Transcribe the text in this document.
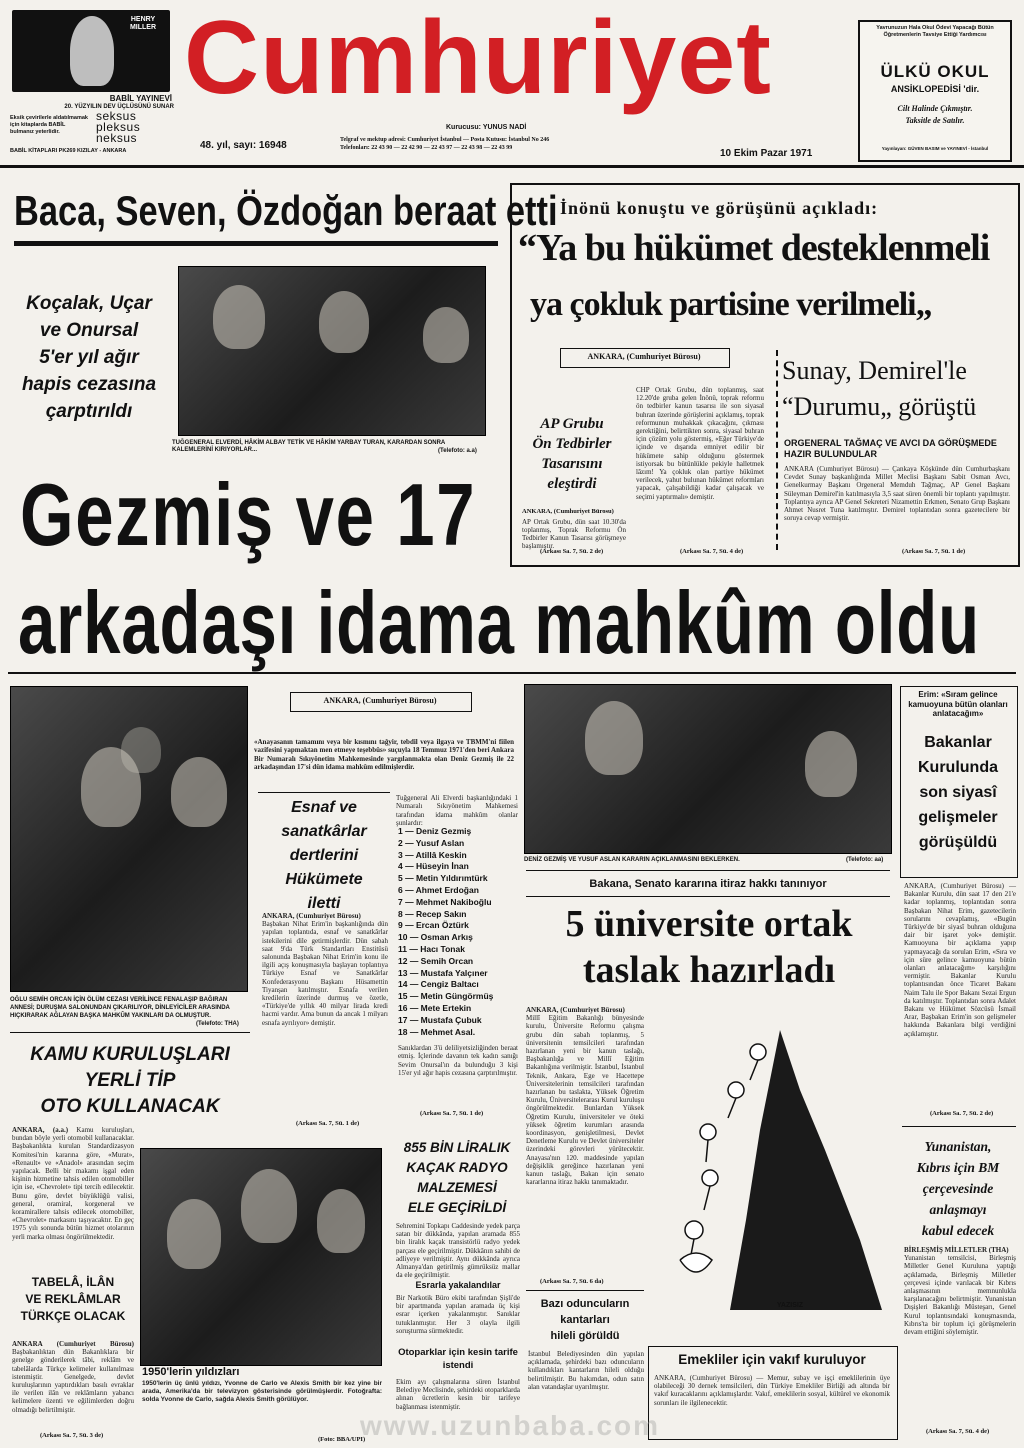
HENRY MILLER
BABİL YAYINEVİ
20. YÜZYILIN DEV ÜÇLÜSÜNÜ SUNAR
Eksik çevirilerle aldatılmamak
için kitaplarda BABİL
bulmanız yeterlidir.
seksus
pleksus
neksus
BABİL KİTAPLARI PK269 KIZILAY - ANKARA
Cumhuriyet
Kurucusu: YUNUS NADİ
48. yıl, sayı: 16948	Telgraf ve mektup adresi: Cumhuriyet İstanbul — Posta Kutusu: İstanbul No 246
Telefonları: 22 43 90 — 22 42 90 — 22 43 97 — 22 43 98 — 22 43 99	10 Ekim Pazar 1971
Yavrunuzun Hala Okul Ödevi Yapacağı Bütün Öğretmenlerin Tavsiye Ettiği Yardımcısı
ÜLKÜ OKUL
ANSİKLOPEDİSİ 'dir.
Cilt Halinde Çıkmıştır.
Taksitle de Satılır.
Yayınlayan: GÜVEN BASIM ve YAYINEVİ - İstanbul
Baca, Seven, Özdoğan beraat etti
Koçalak, Uçar
ve Onursal
5'er yıl ağır
hapis cezasına
çarptırıldı
TUĞGENERAL ELVERDİ, HÂKİM ALBAY TETİK VE HÂKİM YARBAY TURAN, KARARDAN SONRA KALEMLERİNİ KIRIYORLAR...	(Telefoto: a.a)
İnönü konuştu ve görüşünü açıkladı:
“Ya bu hükümet desteklenmeli
ya çokluk partisine verilmeli„
ANKARA, (Cumhuriyet Bürosu)
AP Grubu
Ön Tedbirler
Tasarısını
eleştirdi
ANKARA, (Cumhuriyet Bürosu)
AP Ortak Grubu, dün saat 10.30'da toplanmış, Toprak Reformu Ön Tedbirler Kanun Tasarısı görüşmeye başlamıştır.
(Arkası Sa. 7, Sü. 2 de)
CHP Ortak Grubu, dün toplanmış, saat 12.20'de gruba gelen İnönü, toprak reformu ön tedbirler kanun tasarısı ile son siyasal buhran üzerinde görüşlerini açıklamış, toprak reformunun muhakkak çıkacağını, çıkması gerektiğini, belirttikten sonra, siyasal buhran için çözüm yolu göstermiş, «Eğer Türkiye'de içinde ve dışarıda emniyet edilir bir hükümete sahip olduğunu göstermek istiyorsak bu bütünlükle pekiyle halletmek lâzım! Ya çokluk olan partiye hükümet verilecek, yahut bulunan hükümet reformları yapacak, çalışabildiği kadar çalışacak ve seçimi yaptırmalı» demiştir.
(Arkası Sa. 7, Sü. 4 de)
Sunay, Demirel'le
“Durumu„ görüştü
ORGENERAL TAĞMAÇ VE AVCI DA GÖRÜŞMEDE HAZIR BULUNDULAR
ANKARA (Cumhuriyet Bürosu) — Çankaya Köşkünde dün Cumhurbaşkanı Cevdet Sunay başkanlığında Millet Meclisi Başkanı Sabit Osman Avcı, Genelkurmay Başkanı Orgeneral Memduh Tağmaç, AP Genel Başkanı Süleyman Demirel'in katılmasıyla 3,5 saat süren önemli bir toplantı yapılmıştır. Toplantıya ayrıca AP Genel Sekreteri Nizamettin Erkmen, Senato Grup Başkanı Ahmet Nusret Tuna katılmıştır. Demirel toplantıdan sonra gazetecilere bir soruya cevap vermiştir.
(Arkası Sa. 7, Sü. 1 de)
Gezmiş ve 17
arkadaşı idama mahkûm oldu
OĞLU SEMİH ORCAN İÇİN ÖLÜM CEZASI VERİLİNCE FENALAŞIP BAĞIRAN ANNESİ; DURUŞMA SALONUNDAN ÇIKARILIYOR, DİNLEYİCİLER ARASINDA HIÇKIRARAK AĞLAYAN BAŞKA MAHKÛM YAKINLARI DA OLMUŞTUR.
(Telefoto: THA)
KAMU KURULUŞLARI
YERLİ TİP
OTO KULLANACAK
ANKARA, (a.a.) Kamu kuruluşları, bundan böyle yerli otomobil kullanacaklar. Başbakanlıkta kurulan Standardizasyon Komitesi'nin kararına göre, «Murat», «Renault» ve «Anadol» arasından seçim yapılacak. Belli bir makamı işgal eden kişinin hizmetine tahsis edilen otomobiller için ise, «Chevrolet» tipi tercih edilecektir. Bunu göre, devlet büyüklüğü valisi, general, oramiral, korgeneral ve koramirallere tahsis edilecek otomobiller, «Chevrolet» markasını taşıyacaktır. En geç 1975 yılı sonunda bütün hizmet otolarının yerli marka olması öngörülmektedir.
TABELÂ, İLÂN
VE REKLÂMLAR
TÜRKÇE OLACAK
ANKARA (Cumhuriyet Bürosu) Başbakanlıktan dün Bakanlıklara bir genelge gönderilerek tâbi, reklâm ve tabelâlarda Türkçe kelimeler kullanılması istenmiştir. Genelgede, devlet kuruluşlarının yaptırdıkları basılı evraklar ile verilen ilân ve reklâmların yabancı kelimelere özenti ve eğilimlerden doğru olmadığı belirtilmiştir.
(Arkası Sa. 7, Sü. 3 de)
1950'lerin yıldızları
1950'lerin üç ünlü yıldızı, Yvonne de Carlo ve Alexis Smith bir kez yine bir arada, Amerika'da bir televizyon gösterisinde görülmüşlerdir. Fotoğrafta: solda Yvonne de Carlo, sağda Alexis Smith görülüyor.
(Foto: BBA/UPI)
ANKARA, (Cumhuriyet Bürosu)
«Anayasanın tamamını veya bir kısmını tağyir, tebdil veya ilgaya ve TBMM'ni fiilen vazifesini yapmaktan men etmeye teşebbüs» suçuyla 18 Temmuz 1971'den beri Ankara Bir Numaralı Sıkıyönetim Mahkemesinde yargılanmakta olan Deniz Gezmiş ile 22 arkadaşından 17'si dün idama mahkûm edilmişlerdir.
Esnaf ve
sanatkârlar
dertlerini
Hükümete
iletti
ANKARA, (Cumhuriyet Bürosu)
Başbakan Nihat Erim'in başkanlığında dün yapılan toplantıda, esnaf ve sanatkârlar istekilerini dile getirmişlerdir. Dün sabah saat 9'da Türk Standartları Enstitüsü salonunda Başbakan Nihat Erim'in konu ile ilgili açış konuşmasıyla başlayan toplantıya Türkiye Esnaf ve Sanatkârlar Konfederasyonu Başkanı Hüsamettin Tiyanşan katılmıştır. Esnafa verilen kredilerin üzerinde durmuş ve özetle, «Türkiye'de yıllık 40 milyar lirada kredi hacmi vardır. Ama bunun da ancak 1 milyarı esnafa ayrılıyor» demiştir.
(Arkası Sa. 7, Sü. 1 de)
Tuğgeneral Ali Elverdi başkanlığındaki 1 Numaralı Sıkıyönetim Mahkemesi tarafından idama mahkûm olanlar şunlardır:
1 — Deniz Gezmiş
2 — Yusuf Aslan
3 — Atillâ Keskin
4 — Hüseyin İnan
5 — Metin Yıldırımtürk
6 — Ahmet Erdoğan
7 — Mehmet Nakiboğlu
8 — Recep Sakın
9 — Ercan Öztürk
10 — Osman Arkış
11 — Hacı Tonak
12 — Semih Orcan
13 — Mustafa Yalçıner
14 — Cengiz Baltacı
15 — Metin Güngörmüş
16 — Mete Ertekin
17 — Mustafa Çubuk
18 — Mehmet Asal.
Sanıklardan 3'ü deliliyetsizliğinden beraat etmiş. İçlerinde davanın tek kadın sanığı Sevim Onursal'ın da bulunduğu 3 kişi 15'er yıl ağır hapis cezasına çarptırılmıştır.
(Arkası Sa. 7, Sü. 1 de)
855 BİN LİRALIK
KAÇAK RADYO
MALZEMESİ
ELE GEÇİRİLDİ
Sehremini Topkapı Caddesinde yedek parça satan bir dükkânda, yapılan aramada 855 bin liralık kaçak transistörlü radyo yedek parçası ele geçirilmiştir. Dükkânın sahibi de adliyeye verilmiştir. Aynı dükkânda ayrıca Almanya'dan getirilmiş gümrüksüz mallar da ele geçirilmiştir.
Esrarla yakalandılar
Bir Narkotik Büro ekibi tarafından Şişli'de bir apartmanda yapılan aramada üç kişi esrar içerken yakalanmıştır. Sanıklar tutuklanmıştır. Her 3 olayla ilgili soruşturma sürmektedir.
Otoparklar için kesin tarife istendi
Ekim ayı çalışmalarına süren İstanbul Belediye Meclisinde, şehirdeki otoparklarda alınan ücretlerin kesin bir tarifeye bağlanması istenmiştir.
DENİZ GEZMİŞ VE YUSUF ASLAN KARARIN AÇIKLANMASINI BEKLERKEN.	(Telefoto: aa)
Bakana, Senato kararına itiraz hakkı tanınıyor
5 üniversite ortak
taslak hazırladı
ANKARA, (Cumhuriyet Bürosu)
Millî Eğitim Bakanlığı bünyesinde kurulu, Üniversite Reformu çalışma grubu dün sabah toplanmış, 5 üniversitenin temsilcileri tarafından hazırlanan yeni bir kanun taslağı, Başbakanlığa ve Millî Eğitim Bakanlığına verilmiştir. İstanbul, İstanbul Teknik, Ankara, Ege ve Hacettepe Üniversitelerinin temsilcileri tarafından hazırlanan bu taslakta, Yüksek Öğretim Kurulu, Üniversitelerarası Kurul kuruluşu öngörülmektedir. Bunlardan Yüksek Öğretim Kurulu, üniversiteler ve öteki yüksek öğretim kurumları arasında koordinasyon, genişletilmesi, Devlet Denetleme Kurulu ve Devlet üniversiteler üzerindeki görevleri yürütecektir. Anayasa'nın 120. maddesinde yapılan değişiklik gereğince hazırlanan yeni kanun taslağı, Bakan için senato kararlarına itiraz hakkı tanımaktadır.
(Arkası Sa. 7, Sü. 6 da)
YAZISIZ
Bazı oduncuların
kantarları
hileli görüldü
İstanbul Belediyesinden dün yapılan açıklamada, şehirdeki bazı oduncuların kullandıkları kantarların hileli olduğu belirtilmiştir. Bu hakımdan, odun satın alan vatandaşlar uyarılmıştır.
Emekliler için vakıf kuruluyor
ANKARA, (Cumhuriyet Bürosu) — Memur, subay ve işçi emeklilerinin üye olabileceği 30 dernek temsilcileri, dün Türkiye Emekliler Birliği adı altında bir vakıf kuracaklarını açıklamışlardır. Vakıf, emeklilerin sosyal, kültürel ve ekonomik sorunları ile ilgilenecektir.
Erim: «Sıram gelince kamuoyuna bütün olanları anlatacağım»
Bakanlar
Kurulunda
son siyasî
gelişmeler
görüşüldü
ANKARA, (Cumhuriyet Bürosu) — Bakanlar Kurulu, dün saat 17 den 21'e kadar toplanmış, toplantıdan sonra Başbakan Nihat Erim, gazetecilerin sorularını cevaplamış, «Bugün Türkiye'de bir siyasî buhran olduğuna dair bir işaret yok» demiştir. Kamuoyuna bir açıklama yapıp yapmayacağı da sorulan Erim, «Sıra ve için süre gelince kamuoyuna bütün olanları anlatacağım» karşılığını vermiştir. Bakanlar Kurulu toplantısından önce Ticaret Bakanı Naim Talu ile Spor Bakanı Sezai Ergun da katılmıştır. Toplantıdan sonra Adalet Bakanı ve Hükümet Sözcüsü İsmail Arar, Başbakan Erim'in son gelişmeler hakkında Bakanlara bilgi verdiğini açıklamıştır.
(Arkası Sa. 7, Sü. 2 de)
Yunanistan,
Kıbrıs için BM
çerçevesinde
anlaşmayı
kabul edecek
BİRLEŞMİŞ MİLLETLER (THA)
Yunanistan temsilcisi, Birleşmiş Milletler Genel Kuruluna yaptığı açıklamada, Birleşmiş Milletler çerçevesi içinde varılacak bir Kıbrıs anlaşmasının memnunlukla karşılanacağını belirtmiştir. Yunanistan Dışişleri Bakanlığı Müsteşarı, Genel Kurul toplantısındaki konuşmasında, Kıbrıs'ta bir toplum içi görüşmelerin devam ettiğini söylemiştir.
(Arkası Sa. 7, Sü. 4 de)
www.uzunbaba.com
